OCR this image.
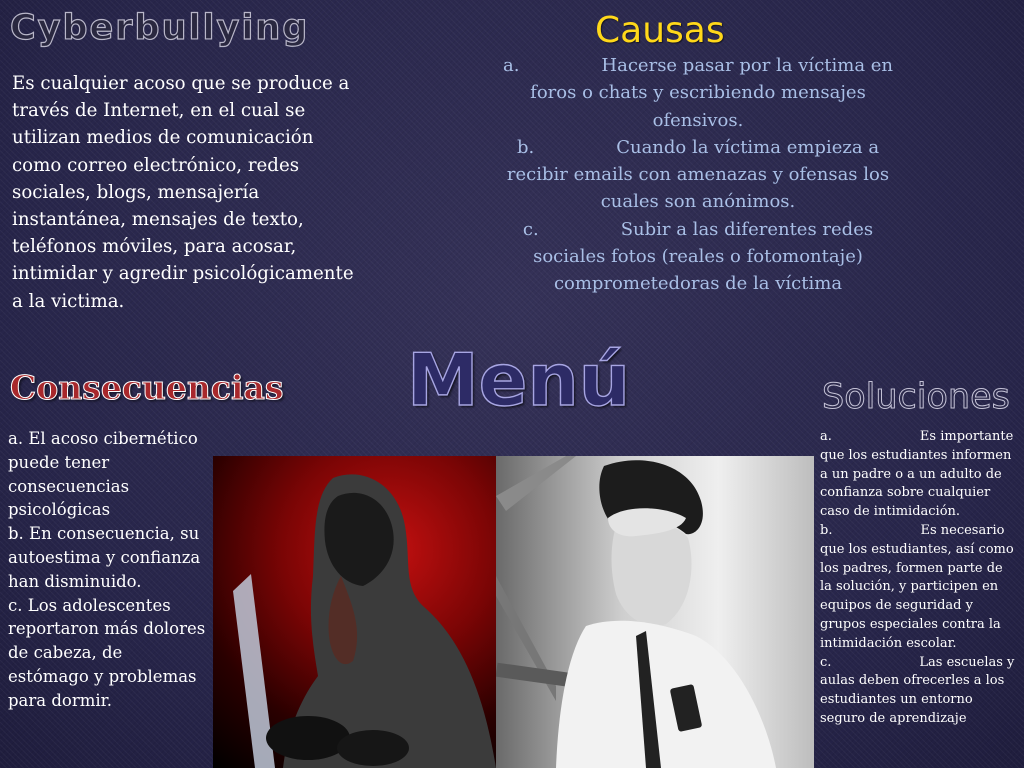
Cyberbullying
Es cualquier acoso que se produce a través de Internet, en el cual se utilizan medios de comunicación como correo electrónico, redes sociales, blogs, mensajería instantánea, mensajes de texto, teléfonos móviles, para acosar, intimidar y agredir psicológicamente a la victima.
Causas
a.	Hacerse pasar por la víctima en foros o chats y escribiendo mensajes ofensivos.
b.	Cuando la víctima empieza a recibir emails con amenazas y ofensas los cuales son anónimos.
c.	Subir a las diferentes redes sociales fotos (reales o fotomontaje) comprometedoras de la víctima
Menú
Consecuencias
a. El acoso cibernético puede tener consecuencias psicológicas
b. En consecuencia, su autoestima y confianza han disminuido.
c. Los adolescentes reportaron más dolores de cabeza, de estómago y problemas para dormir.
Soluciones
a.	Es importante que los estudiantes informen a un padre o a un adulto de confianza sobre cualquier caso de intimidación.
b.	Es necesario que los estudiantes, así como los padres, formen parte de la solución, y participen en equipos de seguridad y grupos especiales contra la intimidación escolar.
c.	Las escuelas y aulas deben ofrecerles a los estudiantes un entorno seguro de aprendizaje
